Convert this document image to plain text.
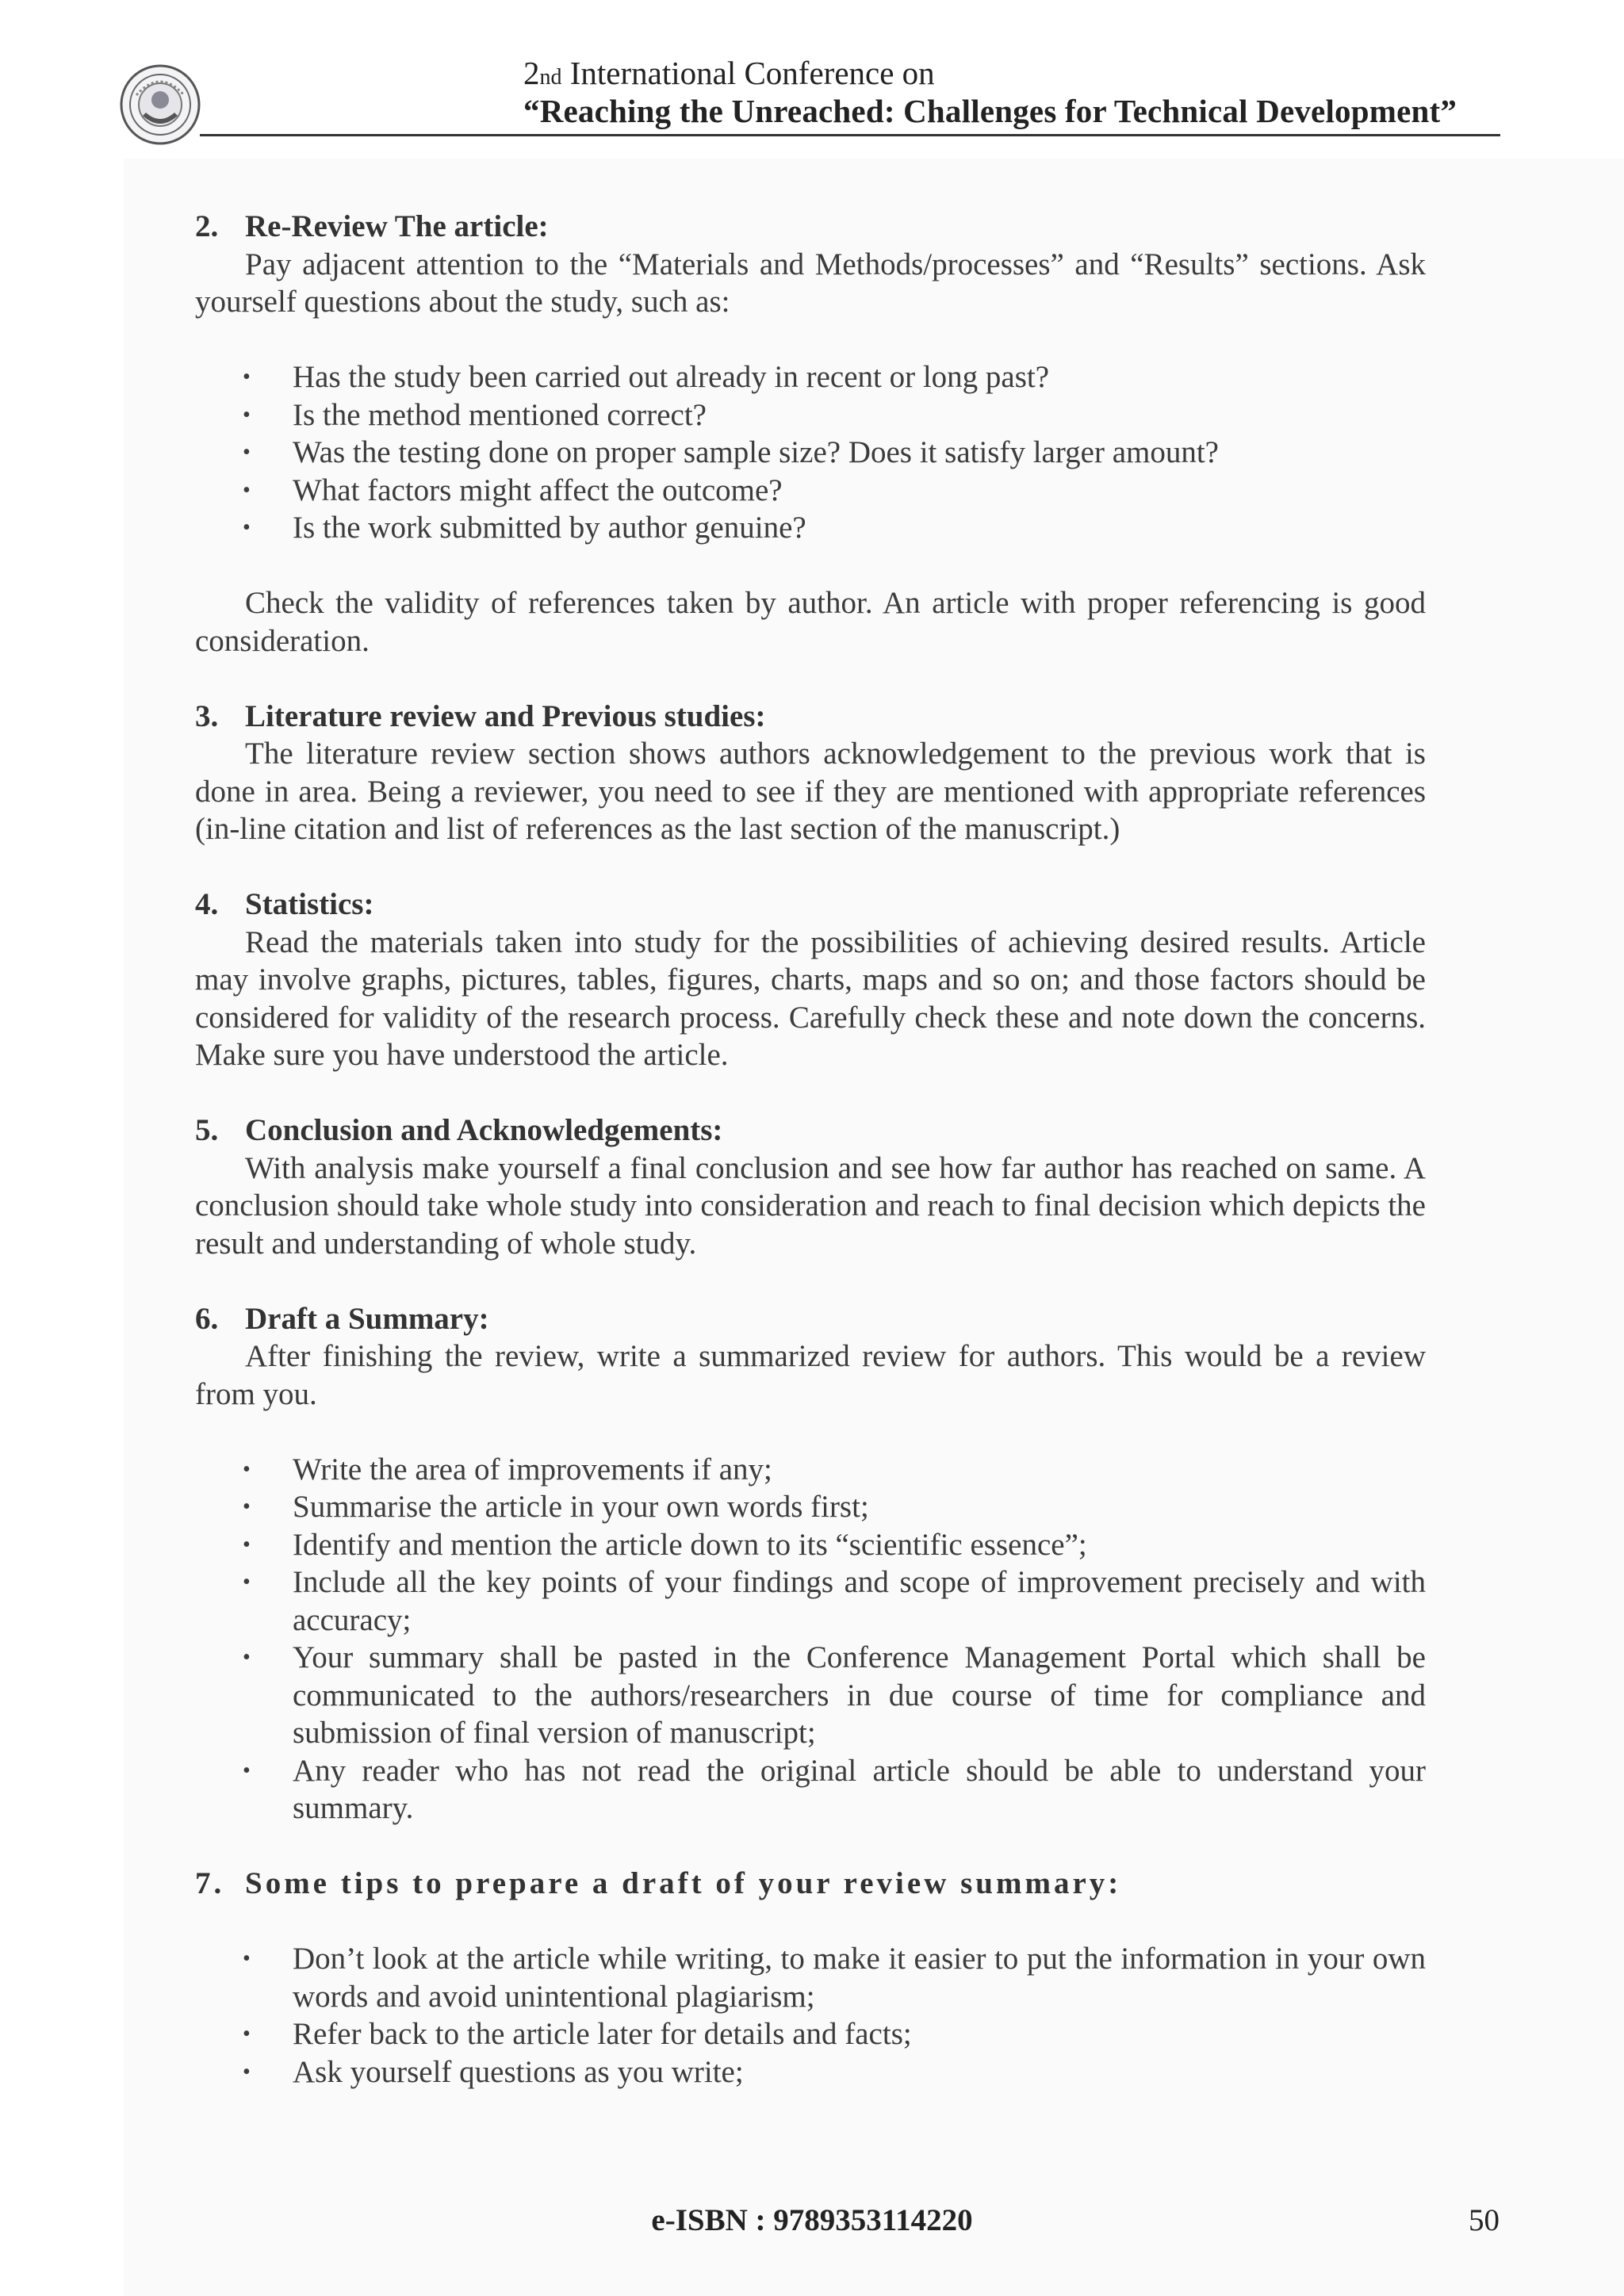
2nd International Conference on
“Reaching the Unreached: Challenges for Technical Development”
2. Re-Review The article:

Pay adjacent attention to the “Materials and Methods/processes” and “Results” sections. Ask yourself questions about the study, such as:

• Has the study been carried out already in recent or long past?
• Is the method mentioned correct?
• Was the testing done on proper sample size? Does it satisfy larger amount?
• What factors might affect the outcome?
• Is the work submitted by author genuine?

Check the validity of references taken by author. An article with proper referencing is good consideration.

3. Literature review and Previous studies:

The literature review section shows authors acknowledgement to the previous work that is done in area. Being a reviewer, you need to see if they are mentioned with appropriate references (in-line citation and list of references as the last section of the manuscript.)

4. Statistics:

Read the materials taken into study for the possibilities of achieving desired results. Article may involve graphs, pictures, tables, figures, charts, maps and so on; and those factors should be considered for validity of the research process. Carefully check these and note down the concerns. Make sure you have understood the article.

5. Conclusion and Acknowledgements:

With analysis make yourself a final conclusion and see how far author has reached on same. A conclusion should take whole study into consideration and reach to final decision which depicts the result and understanding of whole study.

6. Draft a Summary:

After finishing the review, write a summarized review for authors. This would be a review from you.

• Write the area of improvements if any;
• Summarise the article in your own words first;
• Identify and mention the article down to its “scientific essence”;
• Include all the key points of your findings and scope of improvement precisely and with accuracy;
• Your summary shall be pasted in the Conference Management Portal which shall be communicated to the authors/researchers in due course of time for compliance and submission of final version of manuscript;
• Any reader who has not read the original article should be able to understand your summary.
7. Some tips to prepare a draft of your review summary:
• Don’t look at the article while writing, to make it easier to put the information in your own words and avoid unintentional plagiarism;
• Refer back to the article later for details and facts;
• Ask yourself questions as you write;
e-ISBN : 9789353114220	50
